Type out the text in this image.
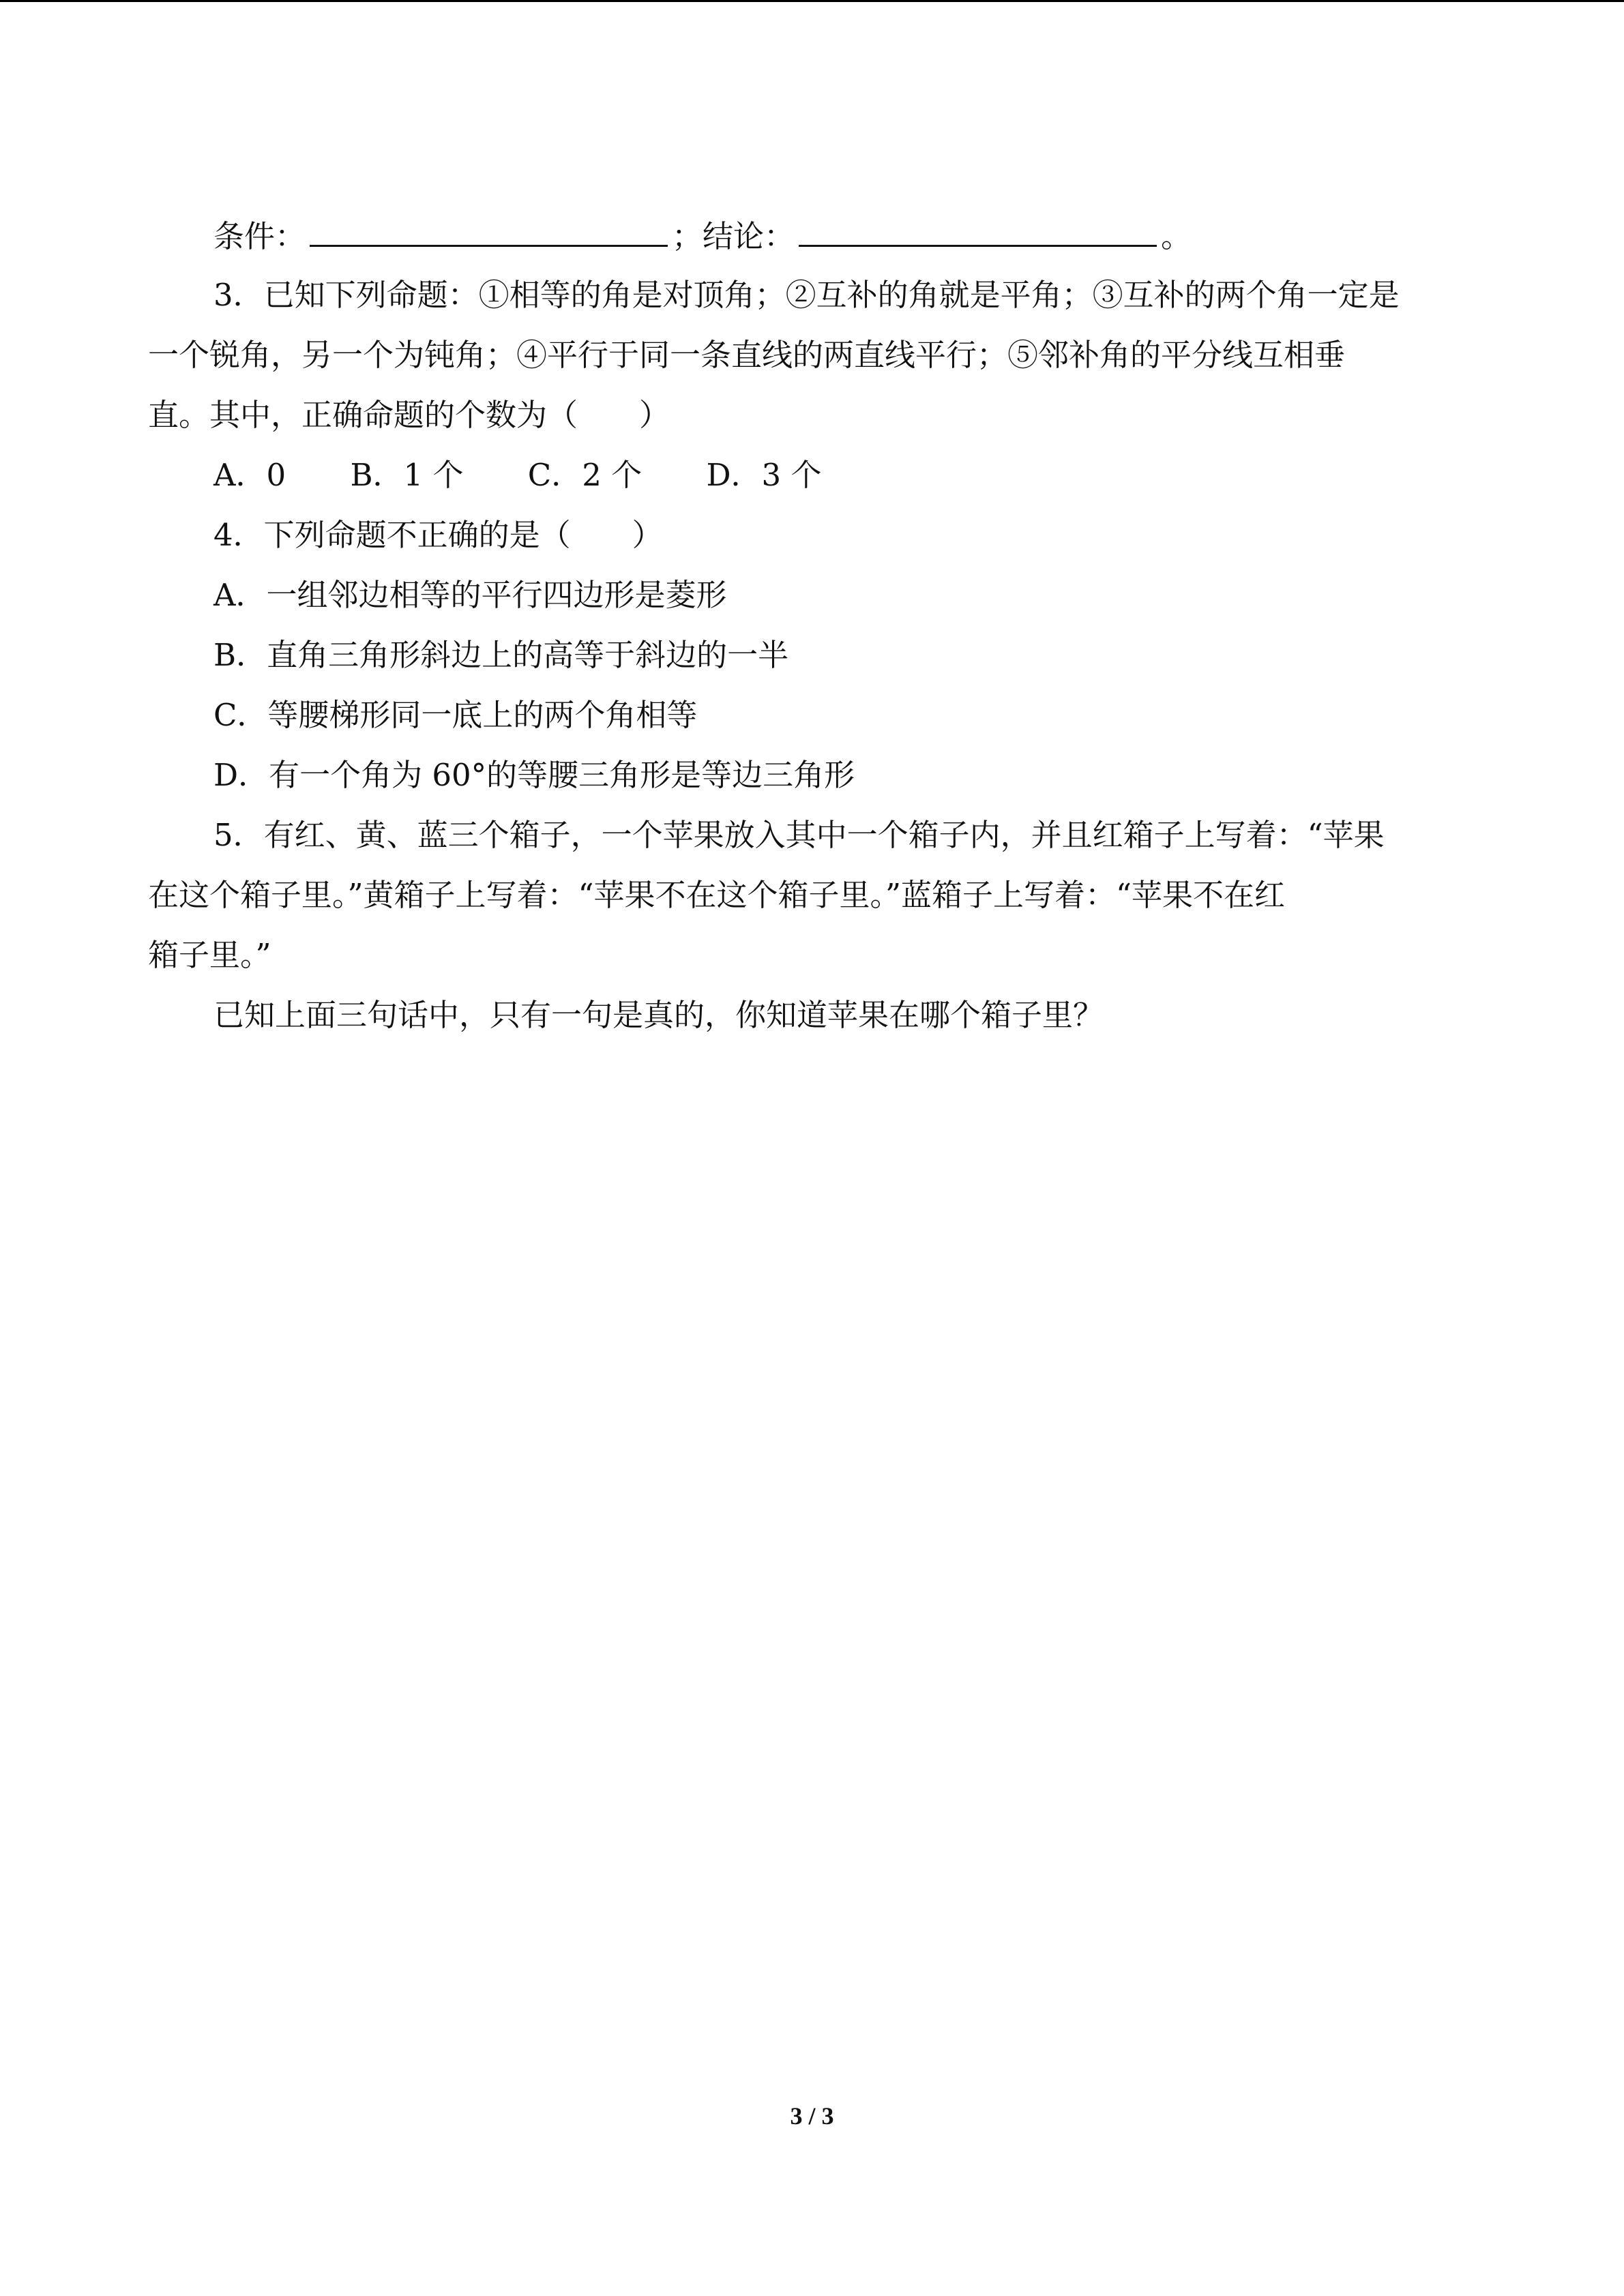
条件：	；结论：	。
3．已知下列命题：①相等的角是对顶角；②互补的角就是平角；③互补的两个角一定是
一个锐角，另一个为钝角；④平行于同一条直线的两直线平行；⑤邻补角的平分线互相垂
直。其中，正确命题的个数为（　　）
A．0 B．1 个 C．2 个 D．3 个
4．下列命题不正确的是（　　）
A．一组邻边相等的平行四边形是菱形
B．直角三角形斜边上的高等于斜边的一半
C．等腰梯形同一底上的两个角相等
D．有一个角为 60°的等腰三角形是等边三角形
5．有红、黄、蓝三个箱子，一个苹果放入其中一个箱子内，并且红箱子上写着：“苹果
在这个箱子里。”黄箱子上写着：“苹果不在这个箱子里。”蓝箱子上写着：“苹果不在红
箱子里。”
已知上面三句话中，只有一句是真的，你知道苹果在哪个箱子里？
3 / 3
